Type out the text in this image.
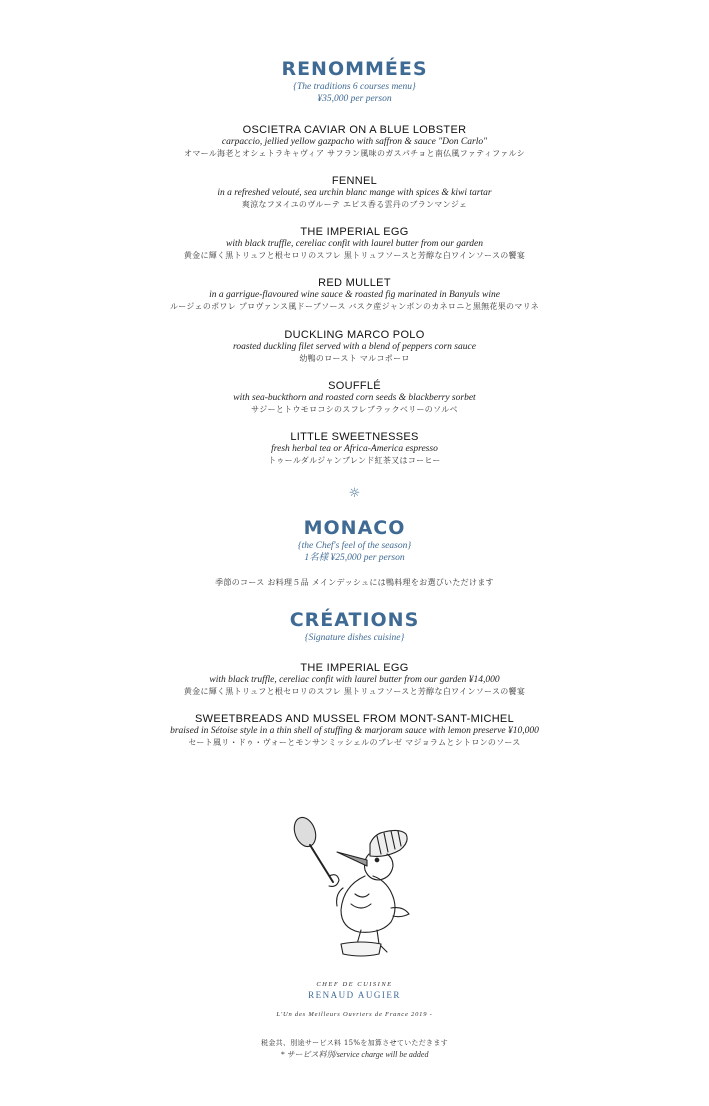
RENOMMÉES

{The traditions 6 courses menu}

¥35,000 per person

OSCIETRA CAVIAR ON A BLUE LOBSTER

carpaccio, jellied yellow gazpacho with saffron & sauce "Don Carlo"

オマール海老とオシェトラキャヴィア サフラン風味のガスパチョと南仏風ファティファルシ

FENNEL

in a refreshed velouté, sea urchin blanc mange with spices & kiwi tartar

爽涼なフヌイユのヴルーテ エピス香る雲丹のブランマンジェ

THE IMPERIAL EGG

with black truffle, cereliac confit with laurel butter from our garden

黄金に輝く黒トリュフと根セロリのスフレ 黒トリュフソースと芳醇な白ワインソースの饗宴

RED MULLET

in a garrigue-flavoured wine sauce & roasted fig marinated in Banyuls wine

ルージェのポワレ プロヴァンス風ドーブソース バスク産ジャンボンのカネロニと黒無花果のマリネ

DUCKLING MARCO POLO

roasted duckling filet served with a blend of peppers corn sauce

幼鴨のロースト マルコポーロ

SOUFFLÉ

with sea-buckthorn and roasted corn seeds & blackberry sorbet

サジーとトウモロコシのスフレブラックベリーのソルベ

LITTLE SWEETNESSES

fresh herbal tea or Africa-America espresso

トゥールダルジャンブレンド紅茶又はコーヒー

☼
MONACO

{the Chef's feel of the season}

1名様 ¥25,000 per person

季節のコース お料理５品 メインデッシュには鴨料理をお選びいただけます

CRÉATIONS

{Signature dishes cuisine}

THE IMPERIAL EGG

with black truffle, cereliac confit with laurel butter from our garden ¥14,000

黄金に輝く黒トリュフと根セロリのスフレ 黒トリュフソースと芳醇な白ワインソースの饗宴

SWEETBREADS AND MUSSEL FROM MONT-SANT-MICHEL

braised in Sétoise style in a thin shell of stuffing & marjoram sauce with lemon preserve ¥10,000

セート風リ・ドゥ・ヴォーとモンサンミッシェルのブレゼ マジョラムとシトロンのソース

CHEF DE CUISINE
RENAUD AUGIER
L'Un des Meilleurs Ouvriers de France 2019 -
税金共、別途サービス料 15%を加算させていただきます
* サービス料別/service charge will be added
